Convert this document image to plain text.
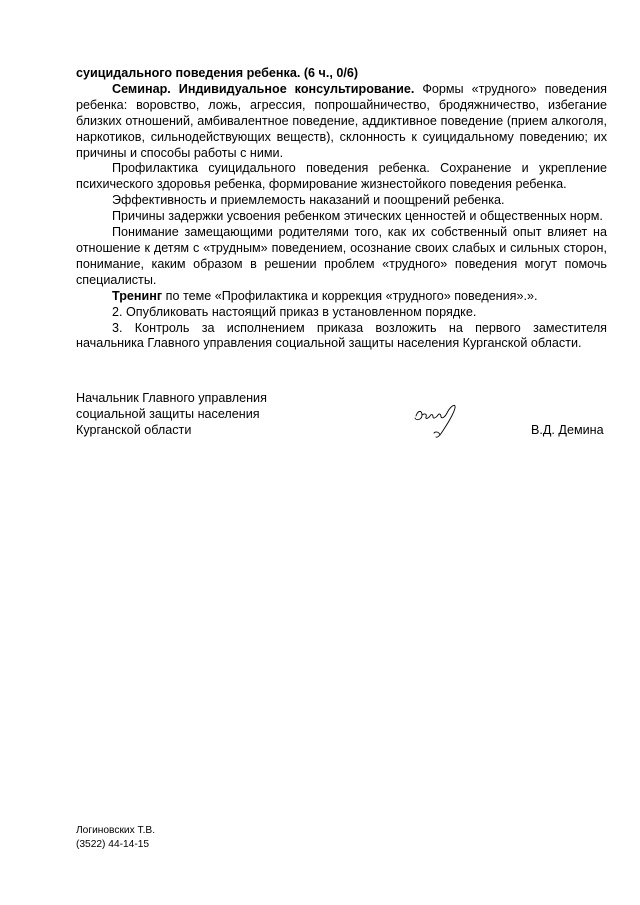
суицидального поведения ребенка. (6 ч., 0/6)

Семинар. Индивидуальное консультирование. Формы «трудного» поведения ребенка: воровство, ложь, агрессия, попрошайничество, бродяжничество, избегание близких отношений, амбивалентное поведение, аддиктивное поведение (прием алкоголя, наркотиков, сильнодействующих веществ), склонность к суицидальному поведению; их причины и способы работы с ними.

Профилактика суицидального поведения ребенка. Сохранение и укрепление психического здоровья ребенка, формирование жизнестойкого поведения ребенка.

Эффективность и приемлемость наказаний и поощрений ребенка.

Причины задержки усвоения ребенком этических ценностей и общественных норм.

Понимание замещающими родителями того, как их собственный опыт влияет на отношение к детям с «трудным» поведением, осознание своих слабых и сильных сторон, понимание, каким образом в решении проблем «трудного» поведения могут помочь специалисты.

Тренинг по теме «Профилактика и коррекция «трудного» поведения».».

2. Опубликовать настоящий приказ в установленном порядке.

3. Контроль за исполнением приказа возложить на первого заместителя начальника Главного управления социальной защиты населения Курганской области.

Начальник Главного управления
социальной защиты населения
Курганской области	В.Д. Демина
Логиновских Т.В.
(3522) 44-14-15
